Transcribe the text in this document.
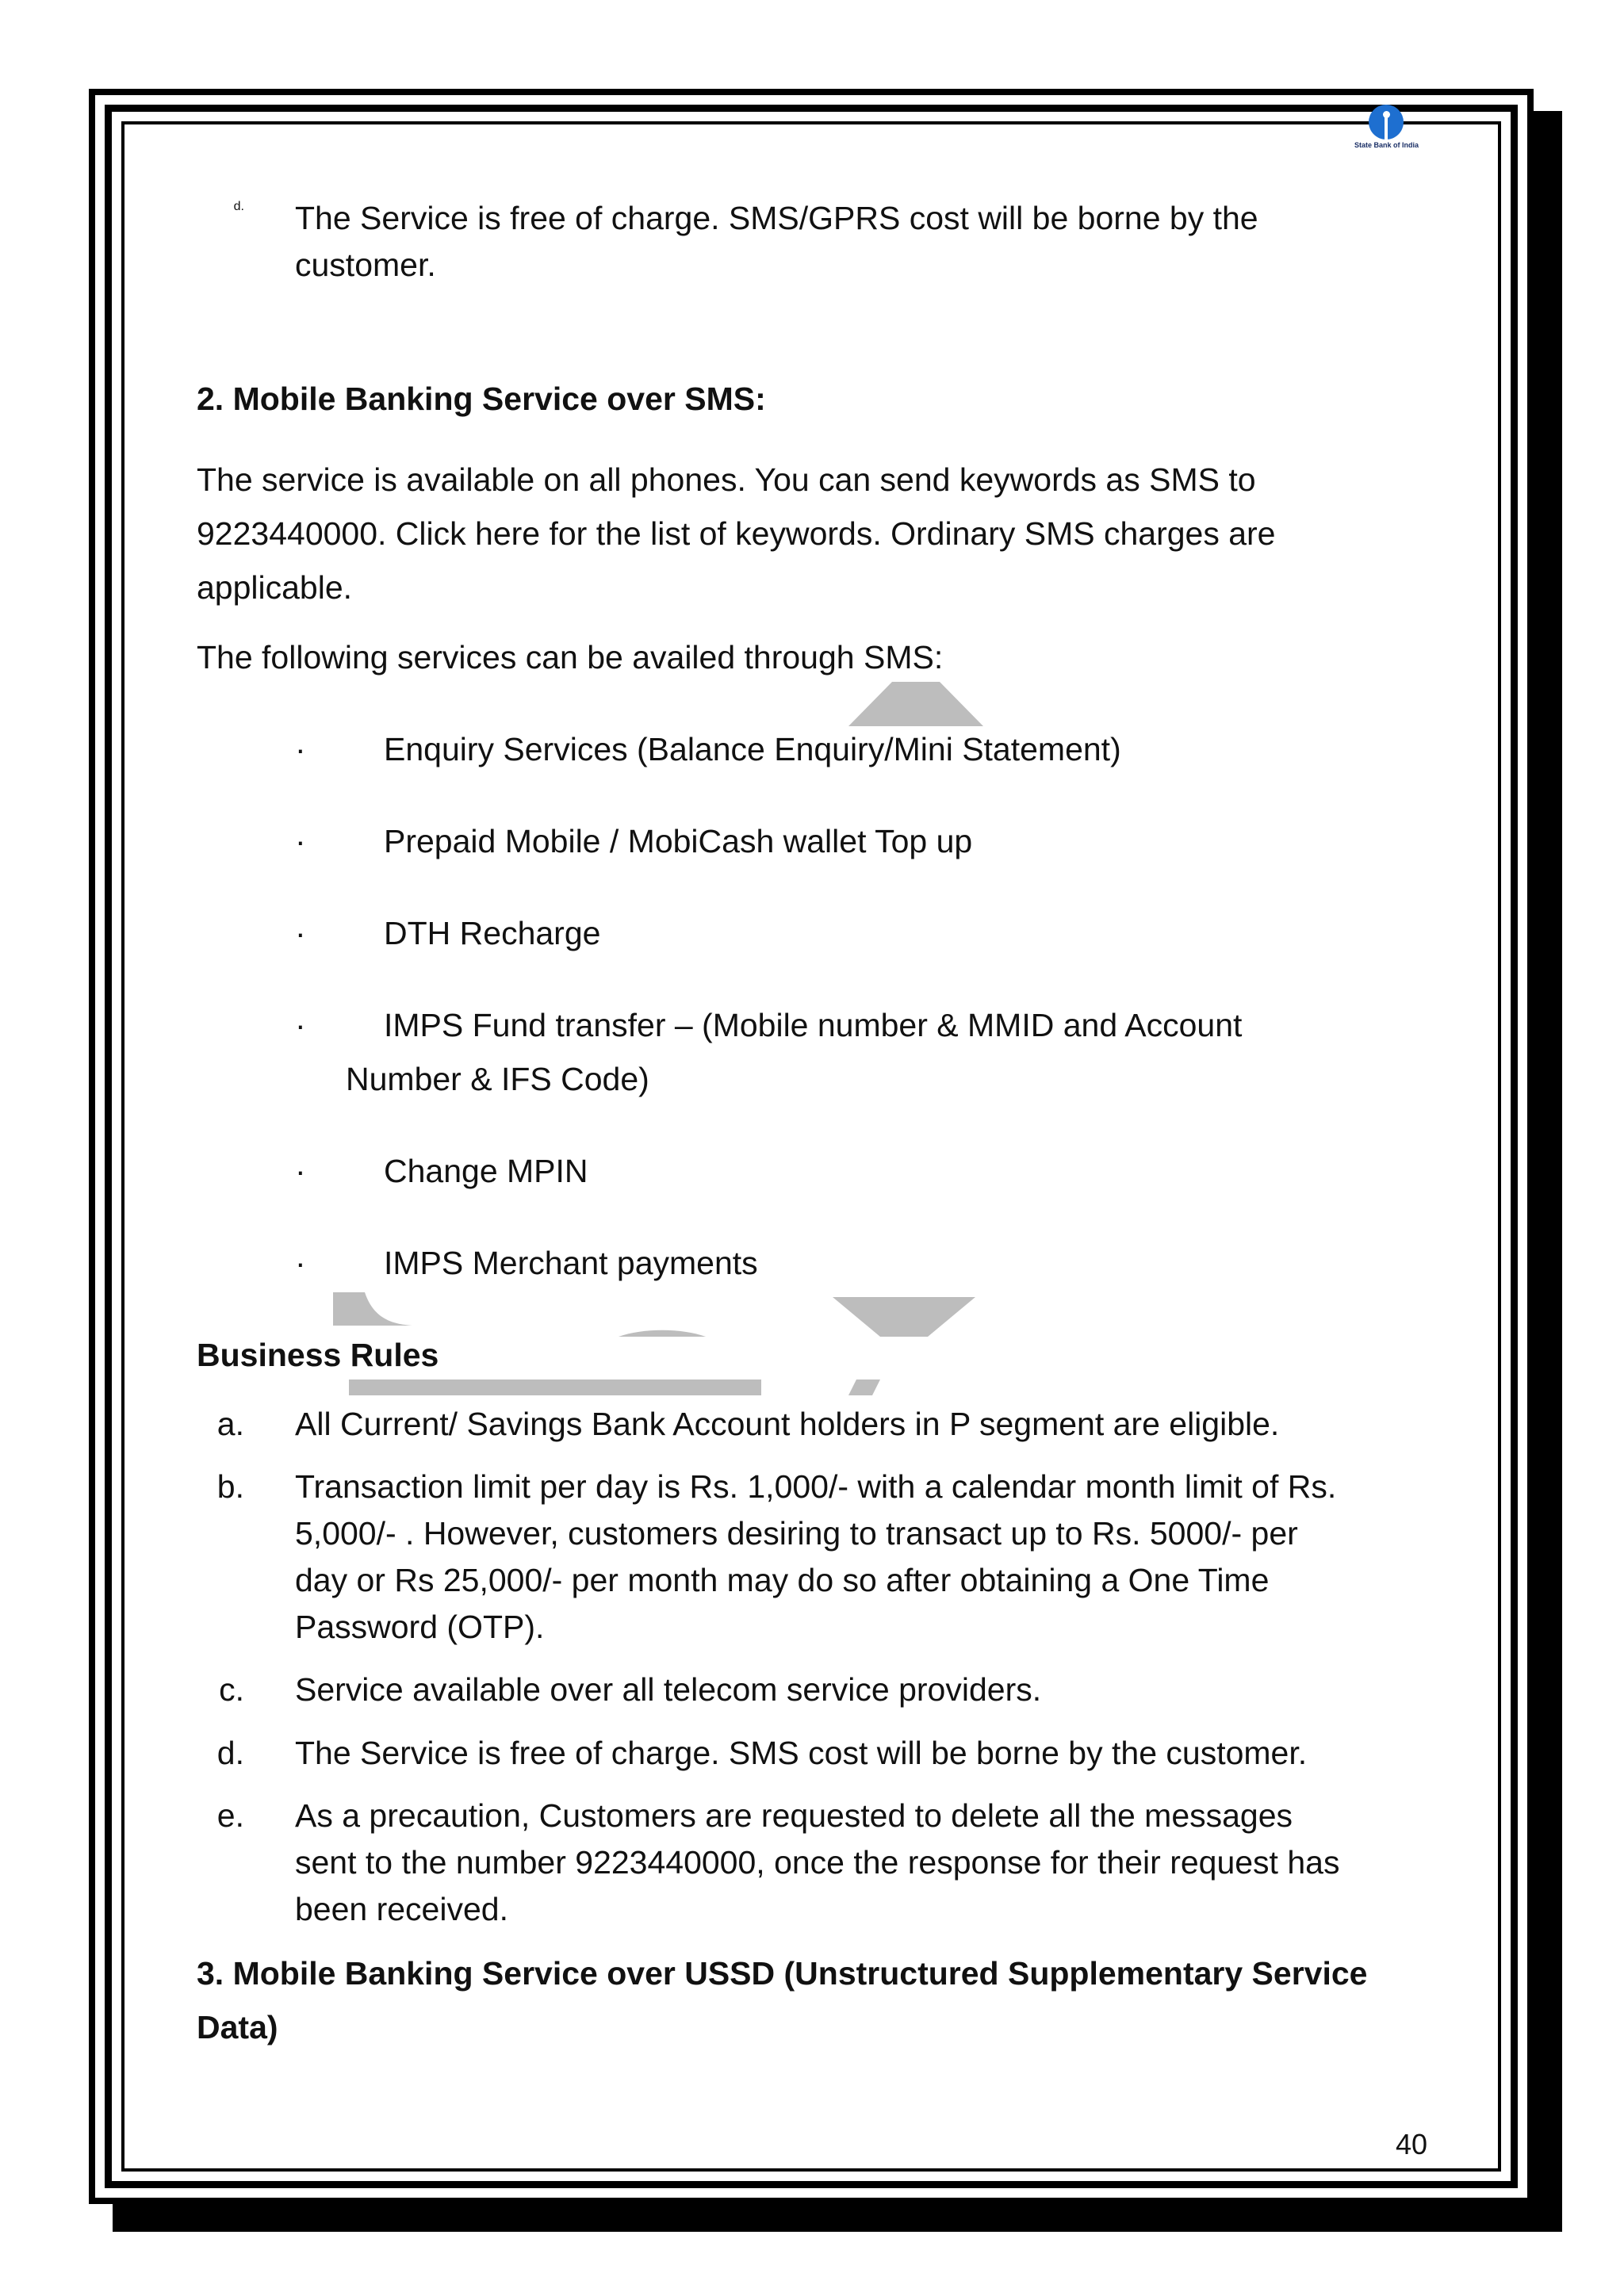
State Bank of India
d. The Service is free of charge. SMS/GPRS cost will be borne by the
customer.
2. Mobile Banking Service over SMS:
The service is available on all phones. You can send keywords as SMS to
9223440000. Click here for the list of keywords. Ordinary SMS charges are
applicable.
The following services can be availed through SMS:
· Enquiry Services (Balance Enquiry/Mini Statement)
· Prepaid Mobile / MobiCash wallet Top up
· DTH Recharge
· IMPS Fund transfer – (Mobile number & MMID and Account
Number & IFS Code)
· Change MPIN
· IMPS Merchant payments
Business Rules
a. All Current/ Savings Bank Account holders in P segment are eligible.
b. Transaction limit per day is Rs. 1,000/- with a calendar month limit of Rs.
5,000/- . However, customers desiring to transact up to Rs. 5000/- per
day or Rs 25,000/- per month may do so after obtaining a One Time
Password (OTP).
c. Service available over all telecom service providers.
d. The Service is free of charge. SMS cost will be borne by the customer.
e. As a precaution, Customers are requested to delete all the messages
sent to the number 9223440000, once the response for their request has
been received.
3. Mobile Banking Service over USSD (Unstructured Supplementary Service
Data)
40
